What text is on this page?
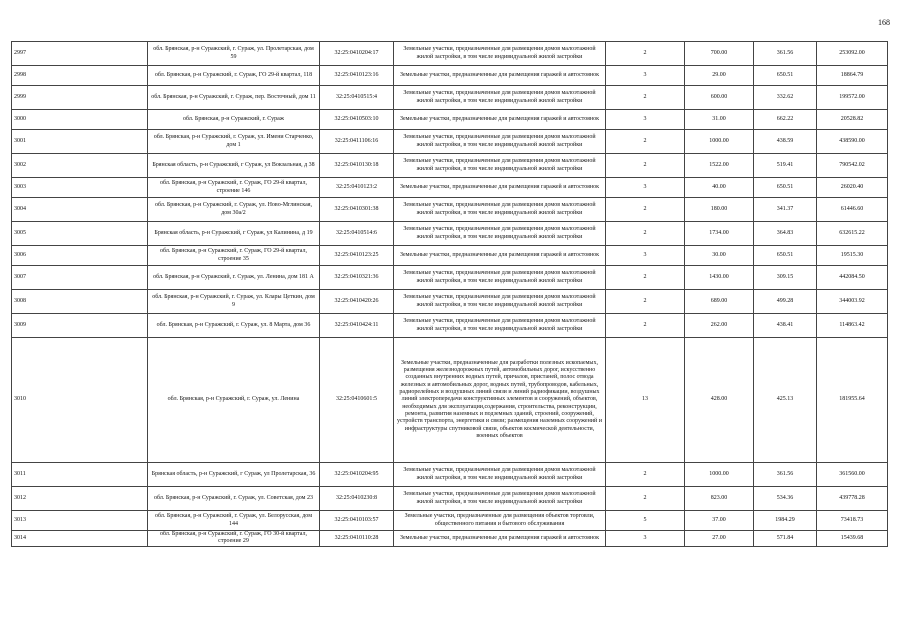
168
2997	обл. Брянская, р-н Суражский, г. Сураж, ул. Пролетарская, дом 59	32:25:0410204:17	Земельные участки, предназначенные для размещения домов малоэтажной жилой застройки, в том числе индивидуальной жилой застройки	2	700.00	361.56	253092.00
2998	обл. Брянская, р-н Суражский, г. Сураж, ГО 29-й квартал, 118	32:25:0410123:16	Земельные участки, предназначенные для размещения гаражей и автостоянок	3	29.00	650.51	18864.79
2999	обл. Брянская, р-н Суражский, г. Сураж, пер. Восточный, дом 11	32:25:0410515:4	Земельные участки, предназначенные для размещения домов малоэтажной жилой застройки, в том числе индивидуальной жилой застройки	2	600.00	332.62	199572.00
3000	обл. Брянская, р-н Суражский, г. Сураж	32:25:0410503:10	Земельные участки, предназначенные для размещения гаражей и автостоянок	3	31.00	662.22	20528.82
3001	обл. Брянская, р-н Суражский, г. Сураж, ул. Имени Старченко, дом 1	32:25:0411106:16	Земельные участки, предназначенные для размещения домов малоэтажной жилой застройки, в том числе индивидуальной жилой застройки	2	1000.00	438.59	438590.00
3002	Брянская область, р-н Суражский, г Сураж, ул Вокзальная, д 38	32:25:0410130:18	Земельные участки, предназначенные для размещения домов малоэтажной жилой застройки, в том числе индивидуальной жилой застройки	2	1522.00	519.41	790542.02
3003	обл. Брянская, р-н Суражский, г. Сураж, ГО 29-й квартал, строение 146	32:25:0410123:2	Земельные участки, предназначенные для размещения гаражей и автостоянок	3	40.00	650.51	26020.40
3004	обл. Брянская, р-н Суражский, г. Сураж, ул. Ново-Мглинская, дом 30а/2	32:25:0410301:38	Земельные участки, предназначенные для размещения домов малоэтажной жилой застройки, в том числе индивидуальной жилой застройки	2	180.00	341.37	61446.60
3005	Брянская область, р-н Суражский, г Сураж, ул Калинина, д 19	32:25:0410514:6	Земельные участки, предназначенные для размещения домов малоэтажной жилой застройки, в том числе индивидуальной жилой застройки	2	1734.00	364.83	632615.22
3006	обл. Брянская, р-н Суражский, г. Сураж, ГО 29-й квартал, строение 35	32:25:0410123:25	Земельные участки, предназначенные для размещения гаражей и автостоянок	3	30.00	650.51	19515.30
3007	обл. Брянская, р-н Суражский, г. Сураж, ул. Ленина, дом 181 А	32:25:0410321:36	Земельные участки, предназначенные для размещения домов малоэтажной жилой застройки, в том числе индивидуальной жилой застройки	2	1430.00	309.15	442084.50
3008	обл. Брянская, р-н Суражский, г. Сураж, ул. Клары Цеткин, дом 9	32:25:0410420:26	Земельные участки, предназначенные для размещения домов малоэтажной жилой застройки, в том числе индивидуальной жилой застройки	2	689.00	499.28	344003.92
3009	обл. Брянская, р-н Суражский, г. Сураж, ул. 8 Марта, дом 36	32:25:0410424:11	Земельные участки, предназначенные для размещения домов малоэтажной жилой застройки, в том числе индивидуальной жилой застройки	2	262.00	438.41	114863.42
3010	обл. Брянская, р-н Суражский, г. Сураж, ул. Ленина	32:25:0410601:5	Земельные участки, предназначенные для разработки полезных ископаемых, размещения железнодорожных путей, автомобильных дорог, искусственно созданных внутренних водных путей, причалов, пристаней, полос отвода железных и автомобильных дорог, водных путей, трубопроводов, кабельных, радиорелейных и воздушных линий связи и линий радиофикации, воздушных линий электропередачи конструктивных элементов и сооружений, объектов, необходимых для эксплуатации,содержания, строительства, реконструкции, ремонта, развития наземных и подземных зданий, строений, сооружений, устройств транспорта, энергетики и связи; размещения наземных сооружений и инфраструктуры спутниковой связи, объектов космической деятельности, военных объектов	13	428.00	425.13	181955.64
3011	Брянская область, р-н Суражский, г Сураж, ул Пролетарская, 36	32:25:0410204:95	Земельные участки, предназначенные для размещения домов малоэтажной жилой застройки, в том числе индивидуальной жилой застройки	2	1000.00	361.56	361560.00
3012	обл. Брянская, р-н Суражский, г. Сураж, ул. Советская, дом 23	32:25:0410230:8	Земельные участки, предназначенные для размещения домов малоэтажной жилой застройки, в том числе индивидуальной жилой застройки	2	823.00	534.36	439778.28
3013	обл. Брянская, р-н Суражский, г. Сураж, ул. Белорусская, дом 144	32:25:0410103:57	Земельные участки, предназначенные для размещения объектов торговли, общественного питания и бытового обслуживания	5	37.00	1984.29	73418.73
3014	обл. Брянская, р-н Суражский, г. Сураж, ГО 30-й квартал, строение 29	32:25:0410110:28	Земельные участки, предназначенные для размещения гаражей и автостоянок	3	27.00	571.84	15439.68
